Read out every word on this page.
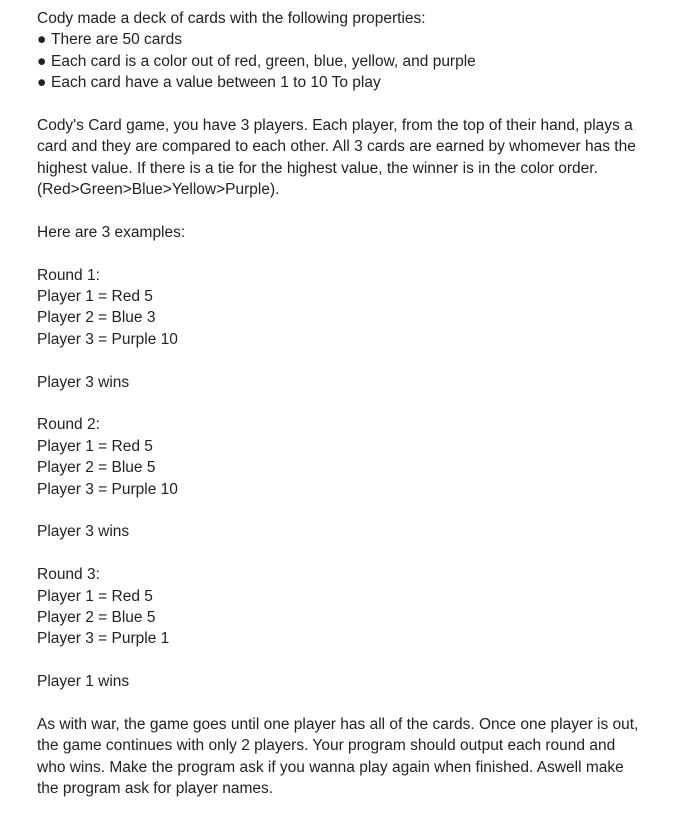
Cody made a deck of cards with the following properties:
● There are 50 cards
● Each card is a color out of red, green, blue, yellow, and purple
● Each card have a value between 1 to 10 To play
Cody's Card game, you have 3 players. Each player, from the top of their hand, plays a
card and they are compared to each other. All 3 cards are earned by whomever has the
highest value. If there is a tie for the highest value, the winner is in the color order.
(Red>Green>Blue>Yellow>Purple).
Here are 3 examples:
Round 1:
Player 1 = Red 5
Player 2 = Blue 3
Player 3 = Purple 10
Player 3 wins
Round 2:
Player 1 = Red 5
Player 2 = Blue 5
Player 3 = Purple 10
Player 3 wins
Round 3:
Player 1 = Red 5
Player 2 = Blue 5
Player 3 = Purple 1
Player 1 wins
As with war, the game goes until one player has all of the cards. Once one player is out,
the game continues with only 2 players. Your program should output each round and
who wins. Make the program ask if you wanna play again when finished. Aswell make
the program ask for player names.
